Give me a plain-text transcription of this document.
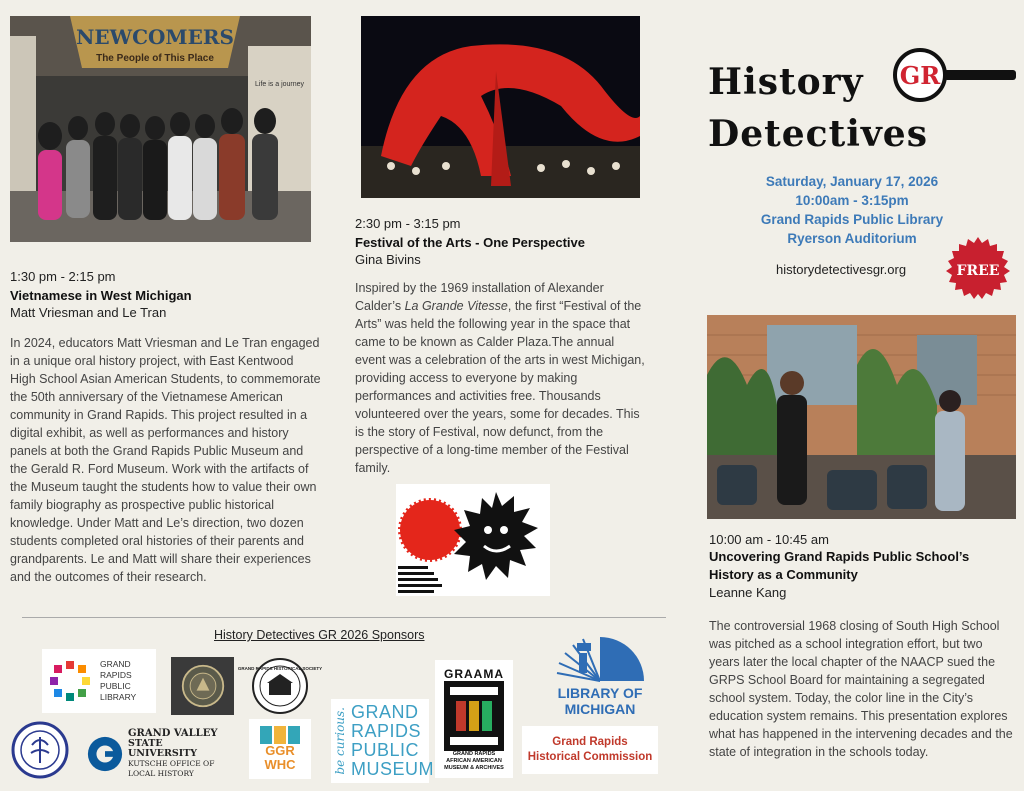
NEWCOMERS
The People of This Place
Life is a journey
1:30 pm - 2:15 pm
Vietnamese in West Michigan
Matt Vriesman and Le Tran
In 2024, educators Matt Vriesman and Le Tran engaged in a unique oral history project, with East Kentwood High School Asian American Students, to commemorate the 50th anniversary of the Vietnamese American community in Grand Rapids. This project resulted in a digital exhibit, as well as performances and history panels at both the Grand Rapids Public Museum and the Gerald R. Ford Museum. Work with the artifacts of the Museum taught the students how to value their own family biography as prospective public historical knowledge. Under Matt and Le’s direction, two dozen students completed oral histories of their parents and grandparents. Le and Matt will share their experiences and the outcomes of their research.
2:30 pm - 3:15 pm
Festival of the Arts - One Perspective
Gina Bivins
Inspired by the 1969 installation of Alexander Calder’s La Grande Vitesse, the first “Festival of the Arts” was held the following year in the space that came to be known as Calder Plaza.The annual event was a celebration of the arts in west Michigan, providing access to everyone by making performances and activities free. Thousands volunteered over the years, some for decades. This is the story of Festival, now defunct, from the perspective of a long-time member of the Festival family.
History
Detectives
GR
Saturday, January 17, 2026
10:00am - 3:15pm
Grand Rapids Public Library
Ryerson Auditorium
historydetectivesgr.org	FREE
10:00 am - 10:45 am
Uncovering Grand Rapids Public School’s History as a Community
Leanne Kang
The controversial 1968 closing of South High School was pitched as a school integration effort, but two years later the local chapter of the NAACP sued the GRPS School Board for maintaining a segregated school system. Today, the color line in the City’s education system remains. This presentation explores what has happened in the intervening decades and the state of integration in the schools today.
History Detectives GR 2026 Sponsors
GRAND RAPIDS PUBLIC LIBRARY
GRAND RAPIDS HISTORICAL SOCIETY
GRAND VALLEY
STATE UNIVERSITY
KUTSCHE OFFICE OF
LOCAL HISTORY
GGR
WHC	be curious. GRAND
RAPIDS
PUBLIC
MUSEUM
GRAAMA
GRAND RAPIDS
AFRICAN AMERICAN
MUSEUM & ARCHIVES
LIBRARY OF
MICHIGAN
Grand Rapids
Historical Commission
